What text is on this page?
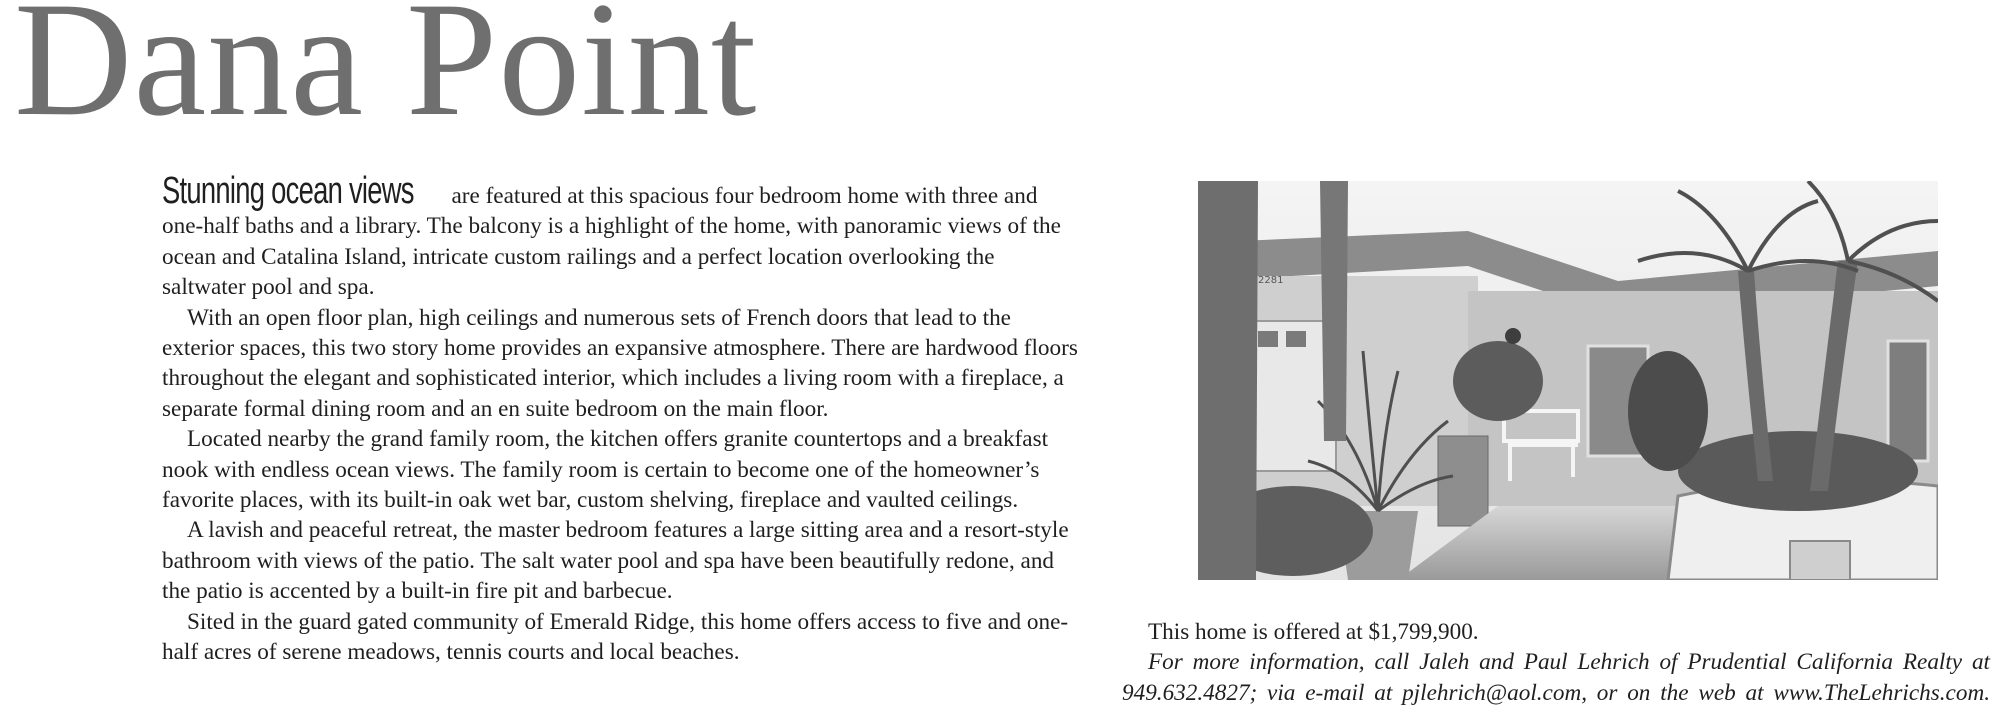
Dana Point

Stunning ocean views are featured at this spacious four bedroom home with three and one-half baths and a library. The balcony is a highlight of the home, with panoramic views of the ocean and Catalina Island, intricate custom railings and a perfect location overlooking the saltwater pool and spa.

With an open floor plan, high ceilings and numerous sets of French doors that lead to the exterior spaces, this two story home provides an expansive atmosphere. There are hardwood floors throughout the elegant and sophisticated interior, which includes a living room with a fireplace, a separate formal dining room and an en suite bedroom on the main floor.

Located nearby the grand family room, the kitchen offers granite countertops and a breakfast nook with endless ocean views. The family room is certain to become one of the homeowner’s favorite places, with its built-in oak wet bar, custom shelving, fireplace and vaulted ceilings.

A lavish and peaceful retreat, the master bedroom features a large sitting area and a resort-style bathroom with views of the patio. The salt water pool and spa have been beautifully redone, and the patio is accented by a built-in fire pit and barbecue.

Sited in the guard gated community of Emerald Ridge, this home offers access to five and one-half acres of serene meadows, tennis courts and local beaches.

2281

This home is offered at $1,799,900.

For more information, call Jaleh and Paul Lehrich of Prudential California Realty at 949.632.4827; via e-mail at pjlehrich@aol.com, or on the web at www.TheLehrichs.com.
